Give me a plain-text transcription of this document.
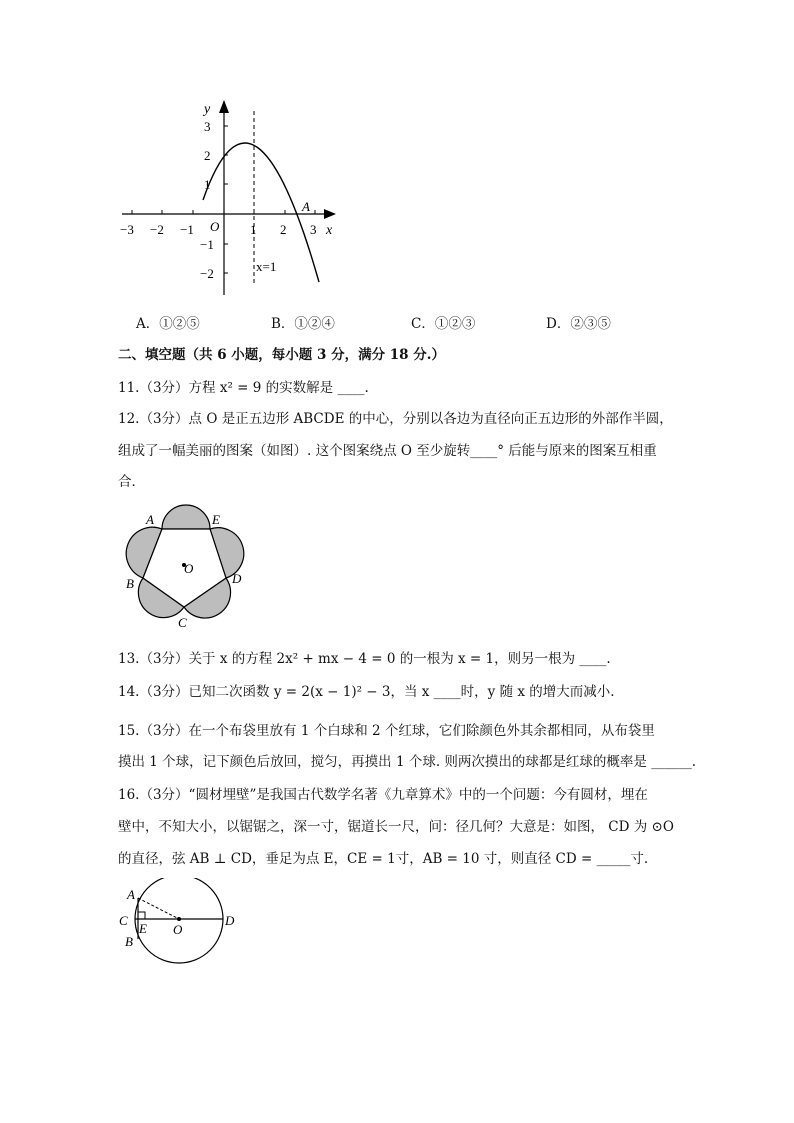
y
x
O
A
x=1
−3 −2 −1	1 2 3
3
2
1
−1
−2
A．①②⑤	B．①②④	C．①②③	D．②③⑤
二、填空题（共 6 小题，每小题 3 分，满分 18 分.）
11.（3分）方程 x² = 9 的实数解是 ____.
12.（3分）点 O 是正五边形 ABCDE 的中心，分别以各边为直径向正五边形的外部作半圆，
组成了一幅美丽的图案（如图）. 这个图案绕点 O 至少旋转____° 后能与原来的图案互相重
合．
A	E
B	D
C
O
13.（3分）关于 x 的方程 2x² + mx − 4 = 0 的一根为 x = 1，则另一根为 ____.
14.（3分）已知二次函数 y = 2(x − 1)² − 3，当 x ____时，y 随 x 的增大而减小.
15.（3分）在一个布袋里放有 1 个白球和 2 个红球，它们除颜色外其余都相同，从布袋里
摸出 1 个球，记下颜色后放回，搅匀，再摸出 1 个球. 则两次摸出的球都是红球的概率是 ______.
16.（3分）“圆材埋壁”是我国古代数学名著《九章算术》中的一个问题：今有圆材，埋在
壁中，不知大小，以锯锯之，深一寸，锯道长一尺，问：径几何？大意是：如图， CD 为 ⊙O
的直径，弦 AB ⊥ CD，垂足为点 E，CE = 1寸，AB = 10 寸，则直径 CD = _____寸.
A
C
E
B
O
D
